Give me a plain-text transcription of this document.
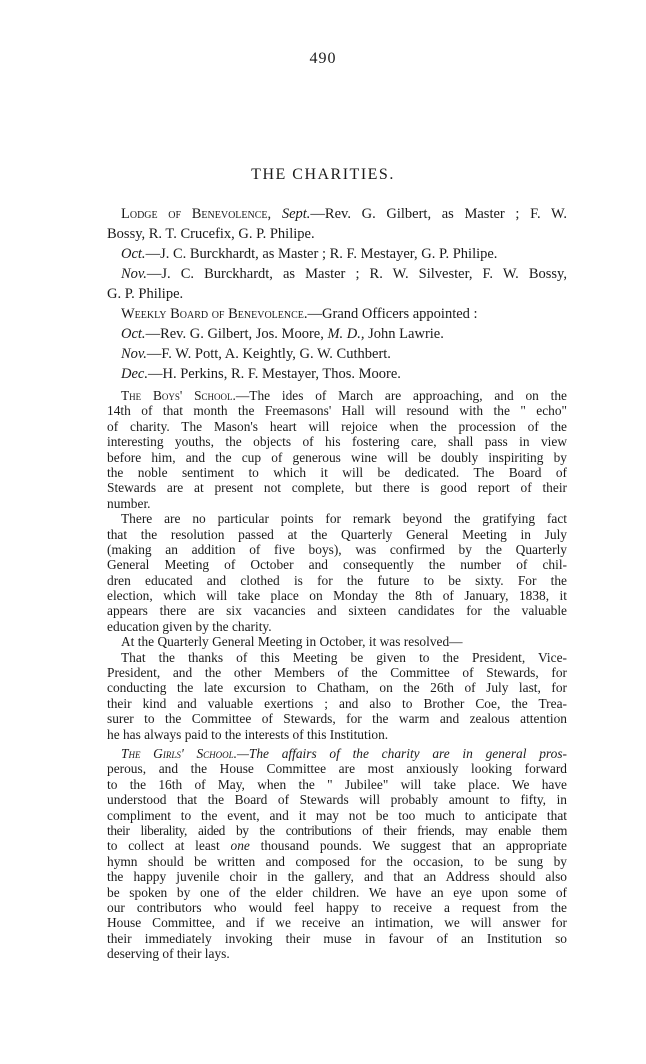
490
THE CHARITIES.
Lodge of Benevolence, Sept.—Rev. G. Gilbert, as Master ; F. W.
Bossy, R. T. Crucefix, G. P. Philipe.
Oct.—J. C. Burckhardt, as Master ; R. F. Mestayer, G. P. Philipe.
Nov.—J. C. Burckhardt, as Master ; R. W. Silvester, F. W. Bossy,
G. P. Philipe.
Weekly Board of Benevolence.—Grand Officers appointed :
Oct.—Rev. G. Gilbert, Jos. Moore, M. D., John Lawrie.
Nov.—F. W. Pott, A. Keightly, G. W. Cuthbert.
Dec.—H. Perkins, R. F. Mestayer, Thos. Moore.
The Boys' School.—The ides of March are approaching, and on the
14th of that month the Freemasons' Hall will resound with the " echo"
of charity. The Mason's heart will rejoice when the procession of the
interesting youths, the objects of his fostering care, shall pass in view
before him, and the cup of generous wine will be doubly inspiriting by
the noble sentiment to which it will be dedicated. The Board of
Stewards are at present not complete, but there is good report of their
number.
There are no particular points for remark beyond the gratifying fact
that the resolution passed at the Quarterly General Meeting in July
(making an addition of five boys), was confirmed by the Quarterly
General Meeting of October and consequently the number of chil-
dren educated and clothed is for the future to be sixty. For the
election, which will take place on Monday the 8th of January, 1838, it
appears there are six vacancies and sixteen candidates for the valuable
education given by the charity.
At the Quarterly General Meeting in October, it was resolved—
That the thanks of this Meeting be given to the President, Vice-
President, and the other Members of the Committee of Stewards, for
conducting the late excursion to Chatham, on the 26th of July last, for
their kind and valuable exertions ; and also to Brother Coe, the Trea-
surer to the Committee of Stewards, for the warm and zealous attention
he has always paid to the interests of this Institution.
The Girls' School.—The affairs of the charity are in general pros-
perous, and the House Committee are most anxiously looking forward
to the 16th of May, when the " Jubilee" will take place. We have
understood that the Board of Stewards will probably amount to fifty, in
compliment to the event, and it may not be too much to anticipate that
their liberality, aided by the contributions of their friends, may enable them
to collect at least one thousand pounds. We suggest that an appropriate
hymn should be written and composed for the occasion, to be sung by
the happy juvenile choir in the gallery, and that an Address should also
be spoken by one of the elder children. We have an eye upon some of
our contributors who would feel happy to receive a request from the
House Committee, and if we receive an intimation, we will answer for
their immediately invoking their muse in favour of an Institution so
deserving of their lays.
